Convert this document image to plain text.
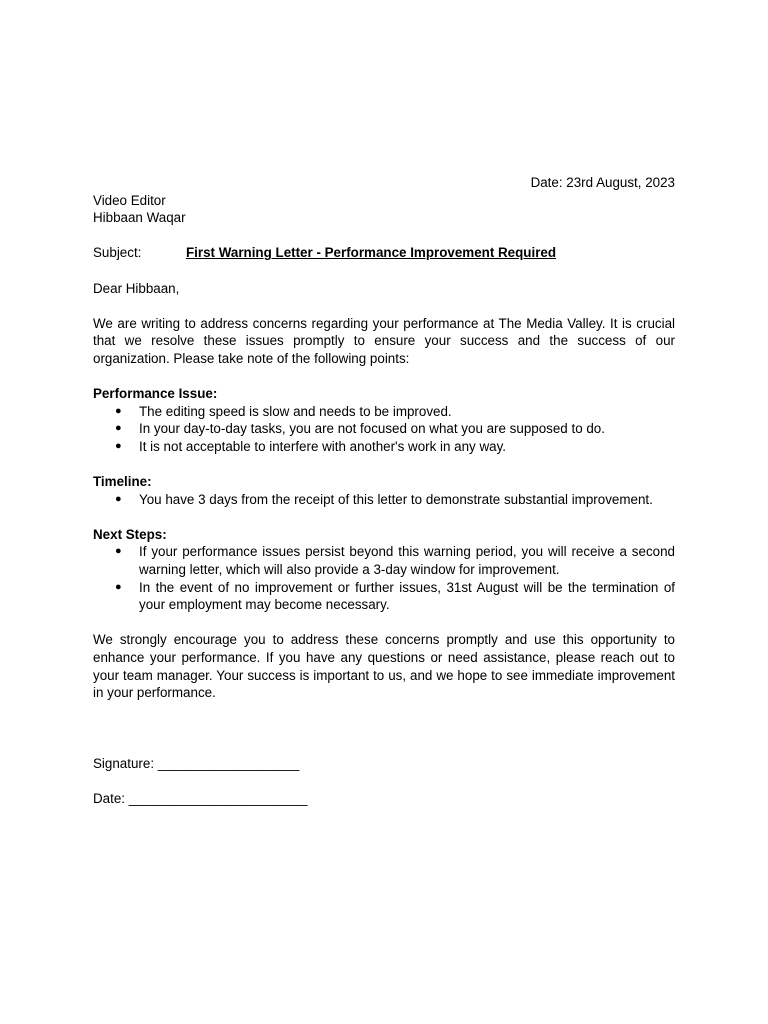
Date: 23rd August, 2023

Video Editor

Hibbaan Waqar

Subject:	First Warning Letter - Performance Improvement Required

Dear Hibbaan,

We are writing to address concerns regarding your performance at The Media Valley. It is crucial that we resolve these issues promptly to ensure your success and the success of our organization. Please take note of the following points:

Performance Issue:

● The editing speed is slow and needs to be improved.
● In your day-to-day tasks, you are not focused on what you are supposed to do.
● It is not acceptable to interfere with another's work in any way.

Timeline:

● You have 3 days from the receipt of this letter to demonstrate substantial improvement.

Next Steps:

● If your performance issues persist beyond this warning period, you will receive a second warning letter, which will also provide a 3-day window for improvement.
● In the event of no improvement or further issues, 31st August will be the termination of your employment may become necessary.

We strongly encourage you to address these concerns promptly and use this opportunity to enhance your performance. If you have any questions or need assistance, please reach out to your team manager. Your success is important to us, and we hope to see immediate improvement in your performance.

Signature: ___________________

Date: ________________________
